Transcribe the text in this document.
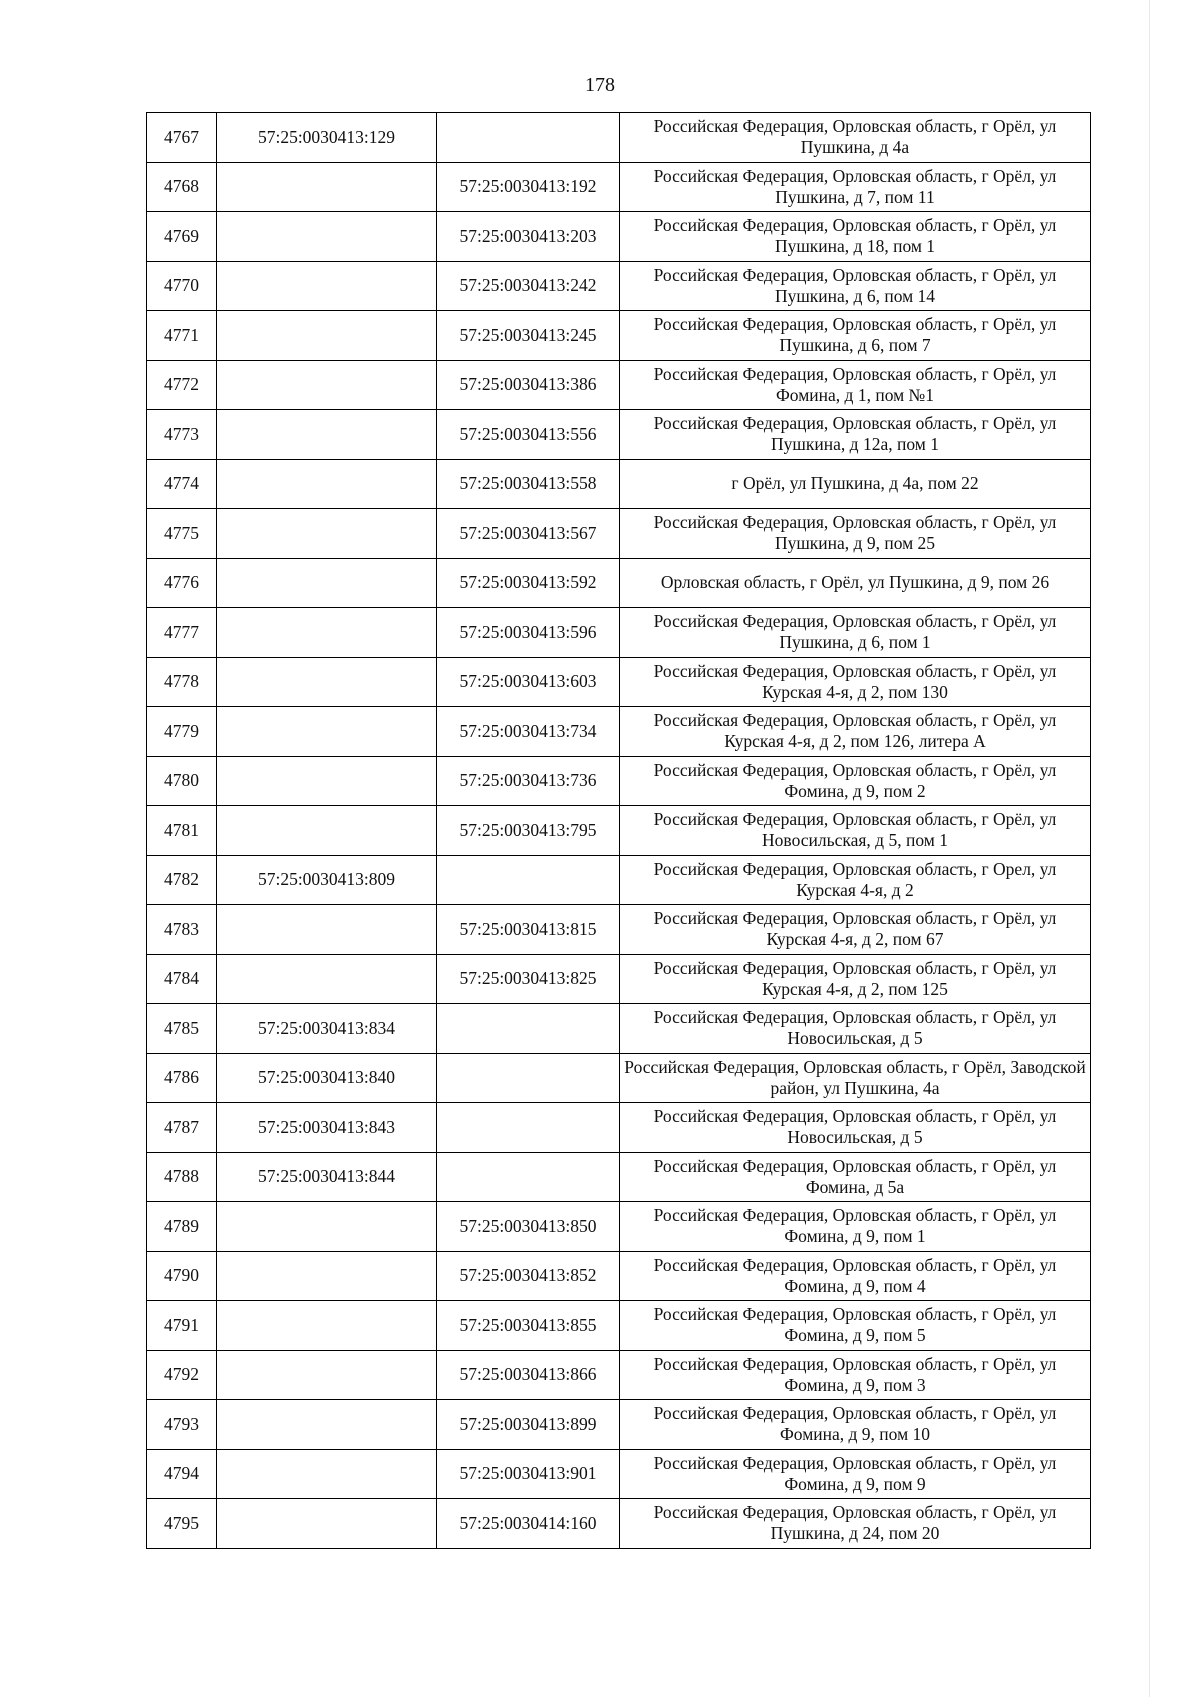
178
4767	57:25:0030413:129		Российская Федерация, Орловская область, г Орёл, ул Пушкина, д 4а
4768		57:25:0030413:192	Российская Федерация, Орловская область, г Орёл, ул Пушкина, д 7, пом 11
4769		57:25:0030413:203	Российская Федерация, Орловская область, г Орёл, ул Пушкина, д 18, пом 1
4770		57:25:0030413:242	Российская Федерация, Орловская область, г Орёл, ул Пушкина, д 6, пом 14
4771		57:25:0030413:245	Российская Федерация, Орловская область, г Орёл, ул Пушкина, д 6, пом 7
4772		57:25:0030413:386	Российская Федерация, Орловская область, г Орёл, ул Фомина, д 1, пом №1
4773		57:25:0030413:556	Российская Федерация, Орловская область, г Орёл, ул Пушкина, д 12а, пом 1
4774		57:25:0030413:558	г Орёл, ул Пушкина, д 4а, пом 22
4775		57:25:0030413:567	Российская Федерация, Орловская область, г Орёл, ул Пушкина, д 9, пом 25
4776		57:25:0030413:592	Орловская область, г Орёл, ул Пушкина, д 9, пом 26
4777		57:25:0030413:596	Российская Федерация, Орловская область, г Орёл, ул Пушкина, д 6, пом 1
4778		57:25:0030413:603	Российская Федерация, Орловская область, г Орёл, ул Курская 4-я, д 2, пом 130
4779		57:25:0030413:734	Российская Федерация, Орловская область, г Орёл, ул Курская 4-я, д 2, пом 126, литера А
4780		57:25:0030413:736	Российская Федерация, Орловская область, г Орёл, ул Фомина, д 9, пом 2
4781		57:25:0030413:795	Российская Федерация, Орловская область, г Орёл, ул Новосильская, д 5, пом 1
4782	57:25:0030413:809		Российская Федерация, Орловская область, г Орел, ул Курская 4-я, д 2
4783		57:25:0030413:815	Российская Федерация, Орловская область, г Орёл, ул Курская 4-я, д 2, пом 67
4784		57:25:0030413:825	Российская Федерация, Орловская область, г Орёл, ул Курская 4-я, д 2, пом 125
4785	57:25:0030413:834		Российская Федерация, Орловская область, г Орёл, ул Новосильская, д 5
4786	57:25:0030413:840		Российская Федерация, Орловская область, г Орёл, Заводской район, ул Пушкина, 4а
4787	57:25:0030413:843		Российская Федерация, Орловская область, г Орёл, ул Новосильская, д 5
4788	57:25:0030413:844		Российская Федерация, Орловская область, г Орёл, ул Фомина, д 5а
4789		57:25:0030413:850	Российская Федерация, Орловская область, г Орёл, ул Фомина, д 9, пом 1
4790		57:25:0030413:852	Российская Федерация, Орловская область, г Орёл, ул Фомина, д 9, пом 4
4791		57:25:0030413:855	Российская Федерация, Орловская область, г Орёл, ул Фомина, д 9, пом 5
4792		57:25:0030413:866	Российская Федерация, Орловская область, г Орёл, ул Фомина, д 9, пом 3
4793		57:25:0030413:899	Российская Федерация, Орловская область, г Орёл, ул Фомина, д 9, пом 10
4794		57:25:0030413:901	Российская Федерация, Орловская область, г Орёл, ул Фомина, д 9, пом 9
4795		57:25:0030414:160	Российская Федерация, Орловская область, г Орёл, ул Пушкина, д 24, пом 20
